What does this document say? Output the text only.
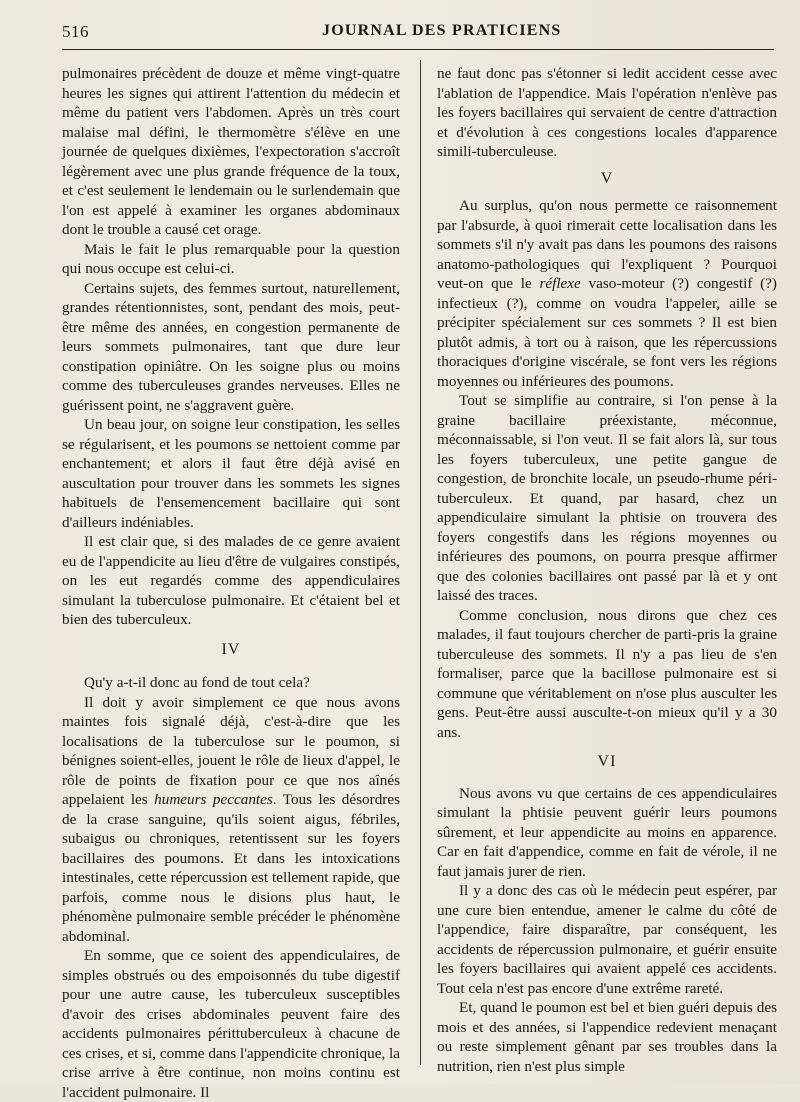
516	JOURNAL DES PRATICIENS

pulmonaires précèdent de douze et même vingt-quatre heures les signes qui attirent l'attention du médecin et même du patient vers l'abdomen. Après un très court malaise mal défini, le thermomètre s'élève en une journée de quelques dixièmes, l'expectoration s'accroît légèrement avec une plus grande fréquence de la toux, et c'est seulement le lendemain ou le surlendemain que l'on est appelé à examiner les organes abdominaux dont le trouble a causé cet orage.

Mais le fait le plus remarquable pour la question qui nous occupe est celui-ci.

Certains sujets, des femmes surtout, naturellement, grandes rétentionnistes, sont, pendant des mois, peut-être même des années, en congestion permanente de leurs sommets pulmonaires, tant que dure leur constipation opiniâtre. On les soigne plus ou moins comme des tuberculeuses grandes nerveuses. Elles ne guérissent point, ne s'aggravent guère.

Un beau jour, on soigne leur constipation, les selles se régularisent, et les poumons se nettoient comme par enchantement; et alors il faut être déjà avisé en auscultation pour trouver dans les sommets les signes habituels de l'ensemencement bacillaire qui sont d'ailleurs indéniables.

Il est clair que, si des malades de ce genre avaient eu de l'appendicite au lieu d'être de vulgaires constipés, on les eut regardés comme des appendiculaires simulant la tuberculose pulmonaire. Et c'étaient bel et bien des tuberculeux.

IV

Qu'y a-t-il donc au fond de tout cela?

Il doit y avoir simplement ce que nous avons maintes fois signalé déjà, c'est-à-dire que les localisations de la tuberculose sur le poumon, si bénignes soient-elles, jouent le rôle de lieux d'appel, le rôle de points de fixation pour ce que nos aînés appelaient les humeurs peccantes. Tous les désordres de la crase sanguine, qu'ils soient aigus, fébriles, subaigus ou chroniques, retentissent sur les foyers bacillaires des poumons. Et dans les intoxications intestinales, cette répercussion est tellement rapide, que parfois, comme nous le disions plus haut, le phénomène pulmonaire semble précéder le phénomène abdominal.

En somme, que ce soient des appendiculaires, de simples obstrués ou des empoisonnés du tube digestif pour une autre cause, les tuberculeux susceptibles d'avoir des crises abdominales peuvent faire des accidents pulmonaires périttuberculeux à chacune de ces crises, et si, comme dans l'appendicite chronique, la crise arrive à être continue, non moins continu est l'accident pulmonaire. Il

ne faut donc pas s'étonner si ledit accident cesse avec l'ablation de l'appendice. Mais l'opération n'enlève pas les foyers bacillaires qui servaient de centre d'attraction et d'évolution à ces congestions locales d'apparence simili-tuberculeuse.

V

Au surplus, qu'on nous permette ce raisonnement par l'absurde, à quoi rimerait cette localisation dans les sommets s'il n'y avait pas dans les poumons des raisons anatomo-pathologiques qui l'expliquent ? Pourquoi veut-on que le réflexe vaso-moteur (?) congestif (?) infectieux (?), comme on voudra l'appeler, aille se précipiter spécialement sur ces sommets ? Il est bien plutôt admis, à tort ou à raison, que les répercussions thoraciques d'origine viscérale, se font vers les régions moyennes ou inférieures des poumons.

Tout se simplifie au contraire, si l'on pense à la graine bacillaire préexistante, méconnue, méconnaissable, si l'on veut. Il se fait alors là, sur tous les foyers tuberculeux, une petite gangue de congestion, de bronchite locale, un pseudo-rhume péri-tuberculeux. Et quand, par hasard, chez un appendiculaire simulant la phtisie on trouvera des foyers congestifs dans les régions moyennes ou inférieures des poumons, on pourra presque affirmer que des colonies bacillaires ont passé par là et y ont laissé des traces.

Comme conclusion, nous dirons que chez ces malades, il faut toujours chercher de parti-pris la graine tuberculeuse des sommets. Il n'y a pas lieu de s'en formaliser, parce que la bacillose pulmonaire est si commune que véritablement on n'ose plus ausculter les gens. Peut-être aussi ausculte-t-on mieux qu'il y a 30 ans.

VI

Nous avons vu que certains de ces appendiculaires simulant la phtisie peuvent guérir leurs poumons sûrement, et leur appendicite au moins en apparence. Car en fait d'appendice, comme en fait de vérole, il ne faut jamais jurer de rien.

Il y a donc des cas où le médecin peut espérer, par une cure bien entendue, amener le calme du côté de l'appendice, faire disparaître, par conséquent, les accidents de répercussion pulmonaire, et guérir ensuite les foyers bacillaires qui avaient appelé ces accidents. Tout cela n'est pas encore d'une extrême rareté.

Et, quand le poumon est bel et bien guéri depuis des mois et des années, si l'appendice redevient menaçant ou reste simplement gênant par ses troubles dans la nutrition, rien n'est plus simple
